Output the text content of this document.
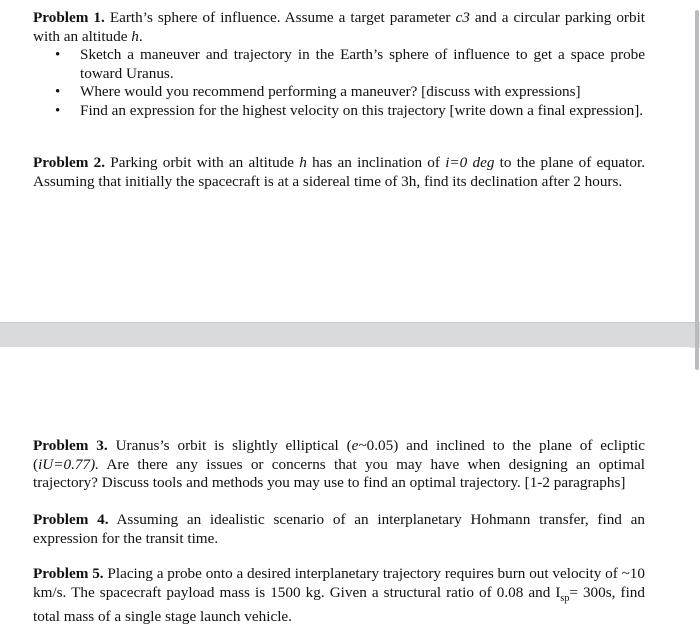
Problem 1. Earth’s sphere of influence. Assume a target parameter c3 and a circular parking orbit with an altitude h.
• Sketch a maneuver and trajectory in the Earth’s sphere of influence to get a space probe toward Uranus.
• Where would you recommend performing a maneuver? [discuss with expressions]
• Find an expression for the highest velocity on this trajectory [write down a final expression].
Problem 2. Parking orbit with an altitude h has an inclination of i=0 deg to the plane of equator. Assuming that initially the spacecraft is at a sidereal time of 3h, find its declination after 2 hours.
Problem 3. Uranus’s orbit is slightly elliptical (e~0.05) and inclined to the plane of ecliptic (iU=0.77). Are there any issues or concerns that you may have when designing an optimal trajectory? Discuss tools and methods you may use to find an optimal trajectory. [1-2 paragraphs]
Problem 4. Assuming an idealistic scenario of an interplanetary Hohmann transfer, find an expression for the transit time.
Problem 5. Placing a probe onto a desired interplanetary trajectory requires burn out velocity of ~10 km/s. The spacecraft payload mass is 1500 kg. Given a structural ratio of 0.08 and $I_{sp}= 300s$, find total mass of a single stage launch vehicle.
